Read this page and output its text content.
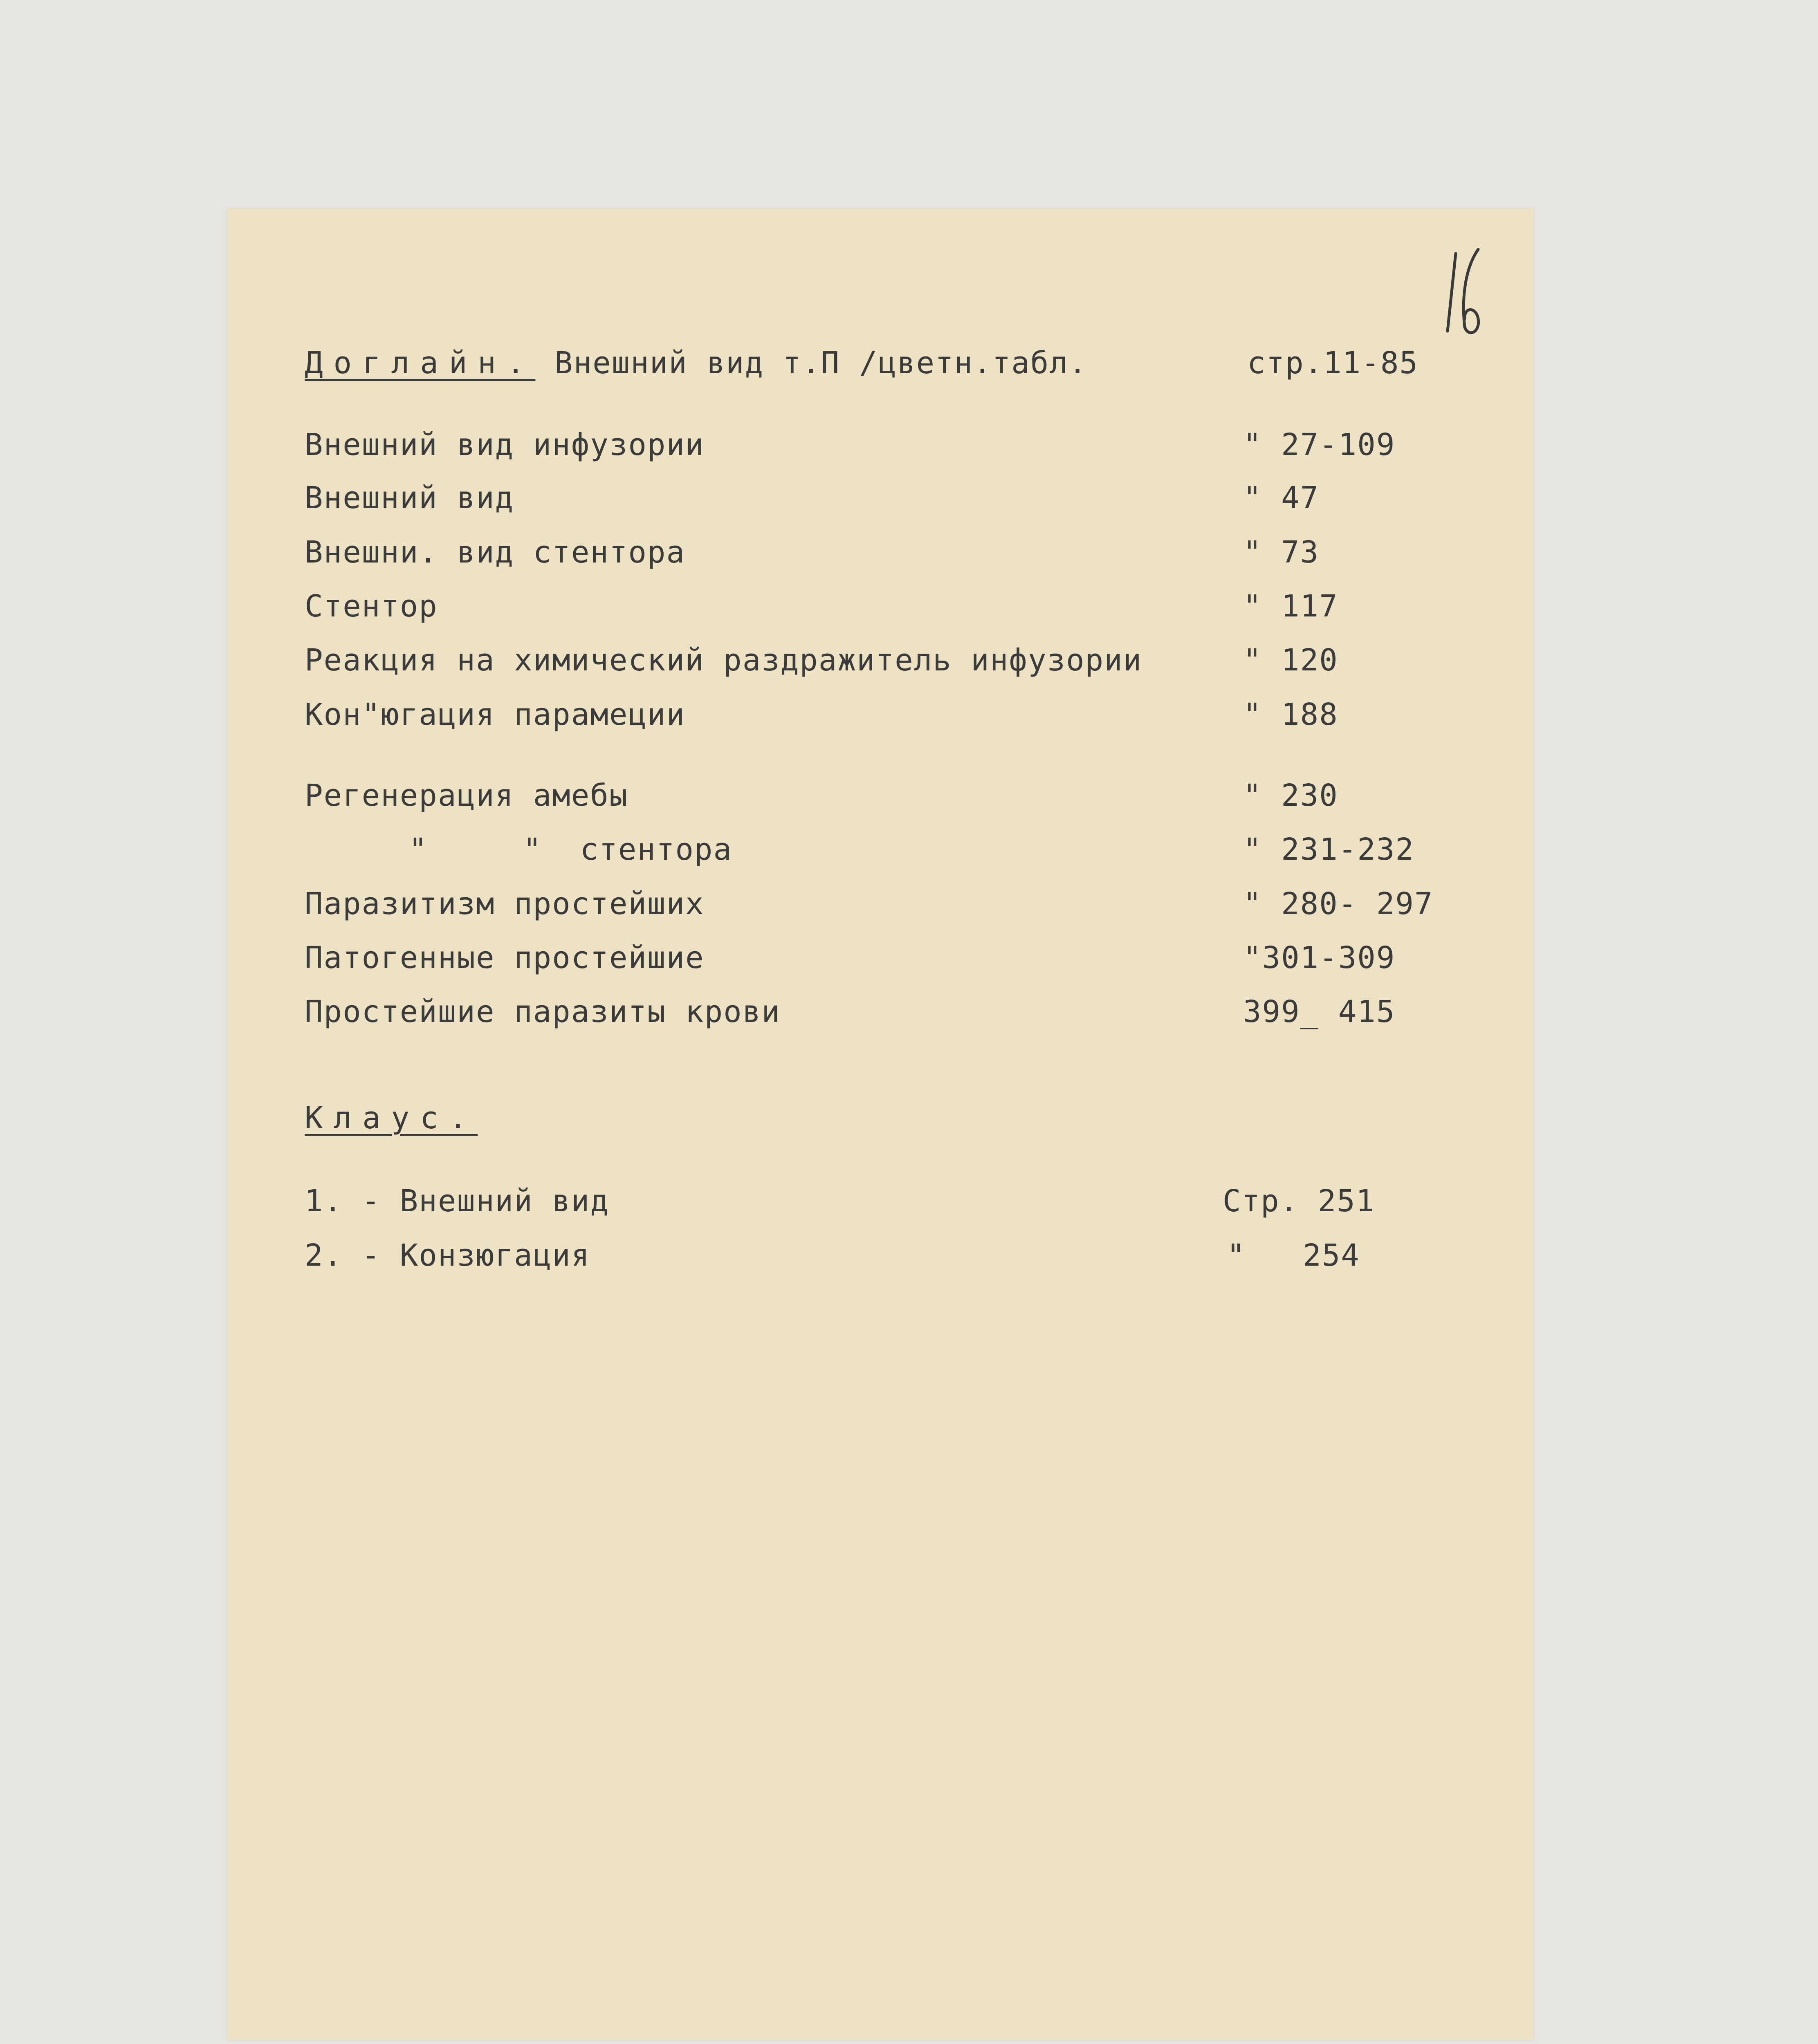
Доглайн. Внешний вид т.П /цветн.табл.	стр.11-85
Внешний вид инфузории	" 27-109
Внешний вид	" 47
Внешни. вид стентора	" 73
Стентор	" 117
Реакция на химический раздражитель инфузории	" 120
Кон"югация парамеции	" 188
Регенерация амебы	" 230
"     "  стентора	" 231-232
Паразитизм простейших	" 280- 297
Патогенные простейшие	"301-309
Простейшие паразиты крови	399_ 415
Клаус.
1. - Внешний вид	Стр. 251
2. - Конзюгация	"   254
